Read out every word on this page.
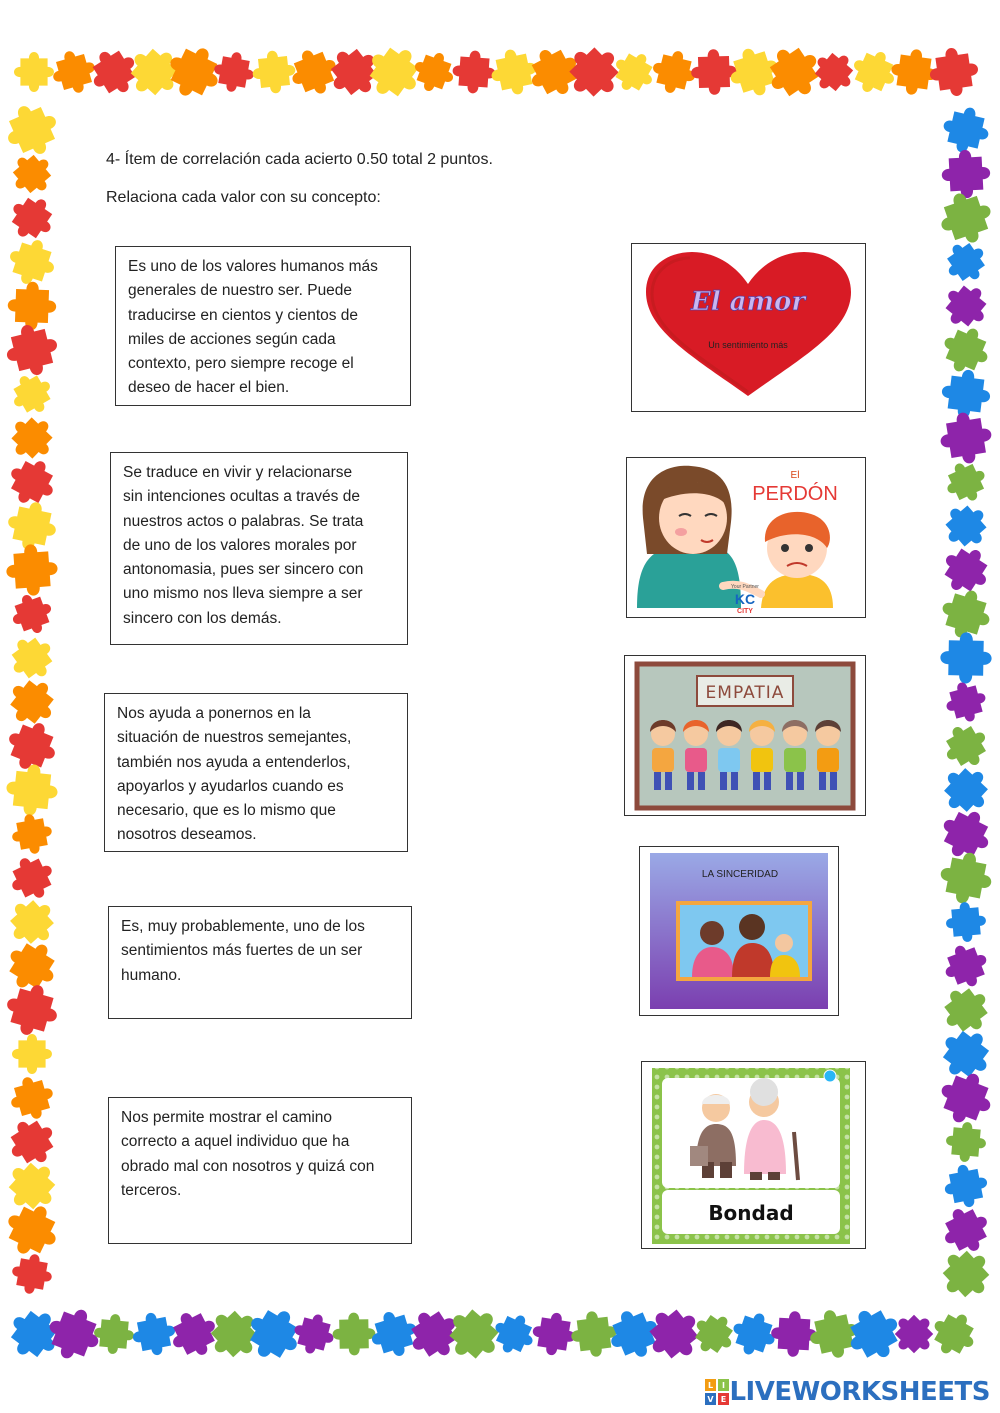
4- Ítem de correlación cada acierto 0.50 total 2 puntos.
Relaciona cada valor con su concepto:
Es uno de los valores humanos más
generales de nuestro ser. Puede
traducirse en cientos y cientos de
miles de acciones según cada
contexto, pero siempre recoge el
deseo de hacer el bien.
Se traduce en vivir y relacionarse
sin intenciones ocultas a través de
nuestros actos o palabras. Se trata
de uno de los valores morales por
antonomasia, pues ser sincero con
uno mismo nos lleva siempre a ser
sincero con los demás.
Nos ayuda a ponernos en la
situación de nuestros semejantes,
también nos ayuda a entenderlos,
apoyarlos y ayudarlos cuando es
necesario, que es lo mismo que
nosotros deseamos.
Es, muy probablemente, uno de los
sentimientos más fuertes de un ser
humano.
Nos permite mostrar el camino
correcto a aquel individuo que ha
obrado mal con nosotros y quizá con
terceros.
El amor
Un sentimiento más
El
PERDÓN
Your Partner
KC
CITY
EMPATIA
LA SINCERIDAD
Bondad
L I
V E LIVEWORKSHEETS
